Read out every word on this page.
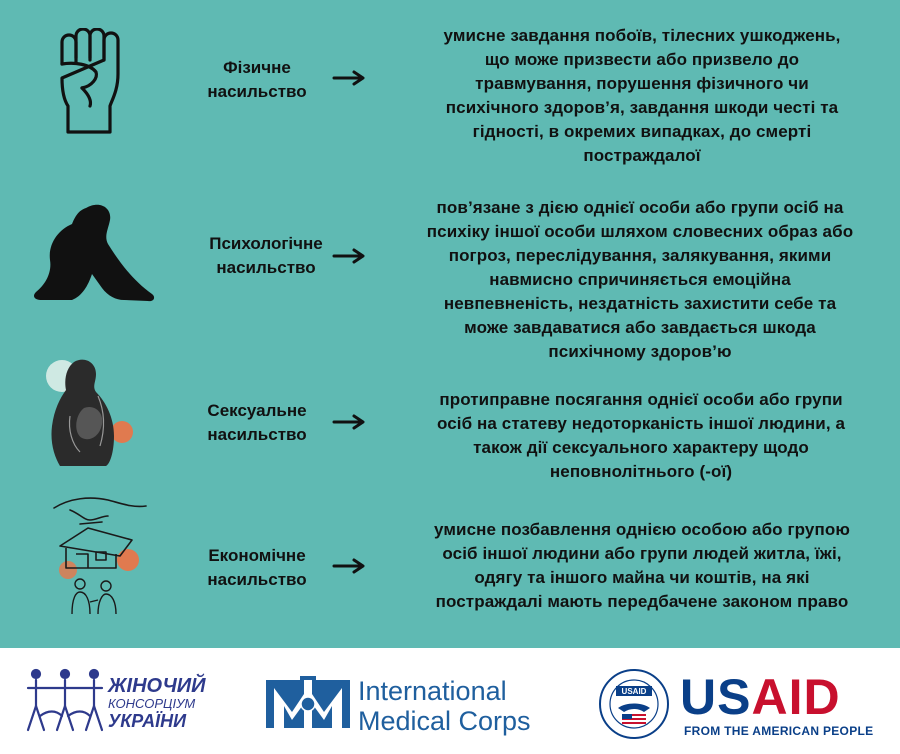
Фізичне
насильство
умисне завдання побоїв, тілесних ушкоджень,
що може призвести або призвело до
травмування, порушення фізичного чи
психічного здоров’я, завдання шкоди честі та
гідності, в окремих випадках, до смерті
постраждалої
Психологічне
насильство
пов’язане з дією однієї особи або групи осіб на
психіку іншої особи шляхом словесних образ або
погроз, переслідування, залякування, якими
навмисно спричиняється емоційна
невпевненість, нездатність захистити себе та
може завдаватися або завдається шкода
психічному здоров’ю
Сексуальне
насильство
протиправне посягання однієї особи або групи
осіб на статеву недоторканість іншої людини, а
також дії сексуального характеру щодо
неповнолітнього (-ої)
Економічне
насильство
умисне позбавлення однією особою або групою
осіб іншої людини або групи людей житла, їжі,
одягу та іншого майна чи коштів, на які
постраждалі мають передбачене законом право
ЖІНОЧИЙ
КОНСОРЦІУМ
УКРАЇНИ
International
Medical Corps
USAID USAID
FROM THE AMERICAN PEOPLE
